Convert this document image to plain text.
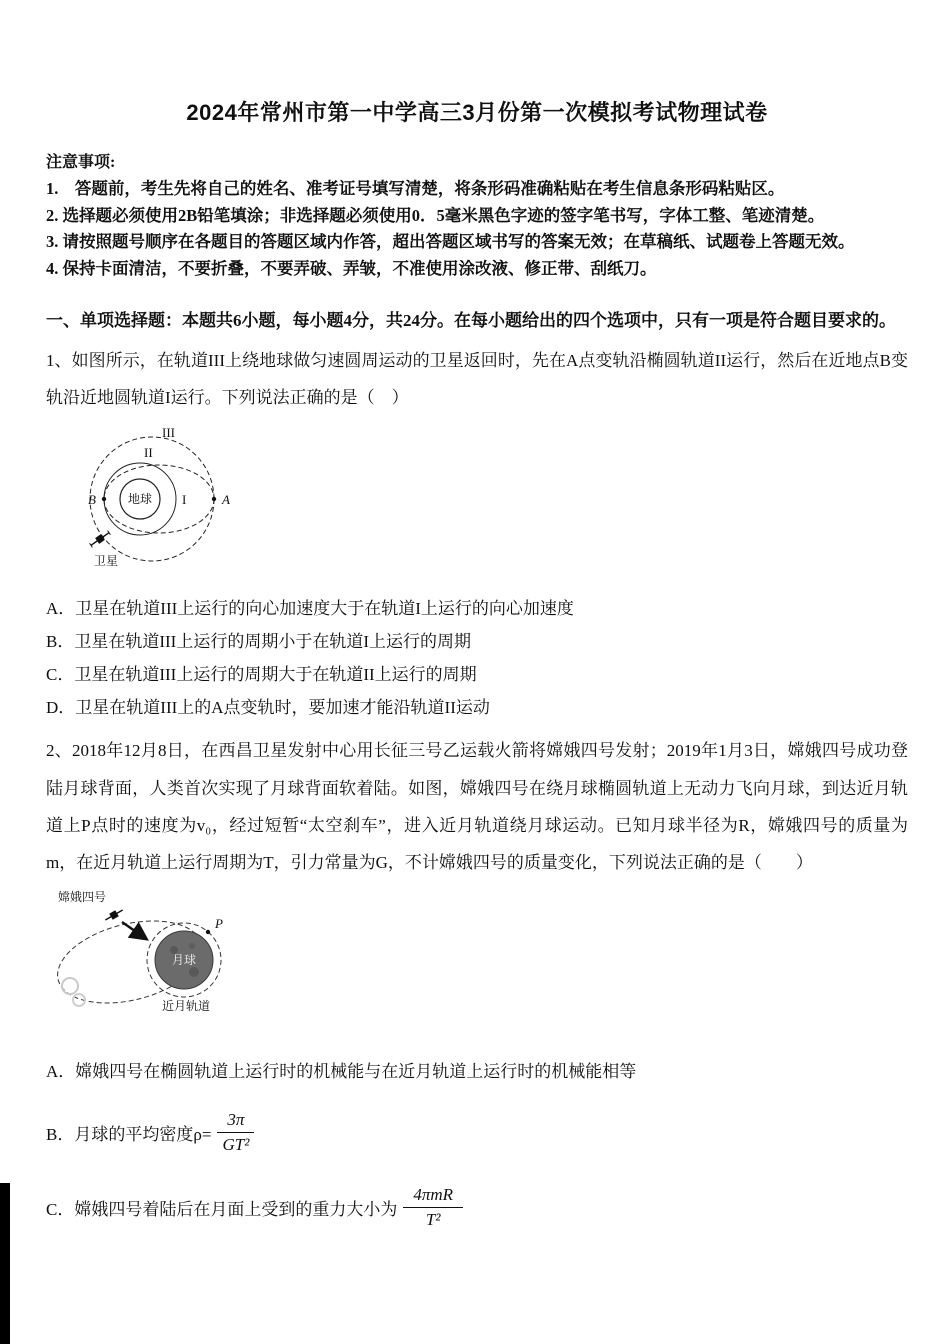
2024年常州市第一中学高三3月份第一次模拟考试物理试卷
注意事项:
1.　答题前，考生先将自己的姓名、准考证号填写清楚，将条形码准确粘贴在考生信息条形码粘贴区。
2. 选择题必须使用2B铅笔填涂；非选择题必须使用0．5毫米黑色字迹的签字笔书写，字体工整、笔迹清楚。
3. 请按照题号顺序在各题目的答题区域内作答，超出答题区域书写的答案无效；在草稿纸、试题卷上答题无效。
4. 保持卡面清洁，不要折叠，不要弄破、弄皱，不准使用涂改液、修正带、刮纸刀。
一、单项选择题：本题共6小题，每小题4分，共24分。在每小题给出的四个选项中，只有一项是符合题目要求的。

1、如图所示，在轨道III上绕地球做匀速圆周运动的卫星返回时，先在A点变轨沿椭圆轨道II运行，然后在近地点B变轨沿近地圆轨道I运行。下列说法正确的是（　）

地球	A
B
III
II
I
卫星
A．卫星在轨道III上运行的向心加速度大于在轨道I上运行的向心加速度
B．卫星在轨道III上运行的周期小于在轨道I上运行的周期
C．卫星在轨道III上运行的周期大于在轨道II上运行的周期
D．卫星在轨道III上的A点变轨时，要加速才能沿轨道II运动

2、2018年12月8日，在西昌卫星发射中心用长征三号乙运载火箭将嫦娥四号发射；2019年1月3日，嫦娥四号成功登陆月球背面，人类首次实现了月球背面软着陆。如图，嫦娥四号在绕月球椭圆轨道上无动力飞向月球，到达近月轨道上P点时的速度为v₀，经过短暂“太空刹车”，进入近月轨道绕月球运动。已知月球半径为R，嫦娥四号的质量为m，在近月轨道上运行周期为T，引力常量为G，不计嫦娥四号的质量变化，下列说法正确的是（　　）

月球
P
嫦娥四号
近月轨道
A．嫦娥四号在椭圆轨道上运行时的机械能与在近月轨道上运行时的机械能相等
B．月球的平均密度$\rho= \frac{3\pi}{\text{GT²}}$
C．嫦娥四号着陆后在月面上受到的重力大小为 $\frac{\text{4πmR}}{\text{T²}}$
